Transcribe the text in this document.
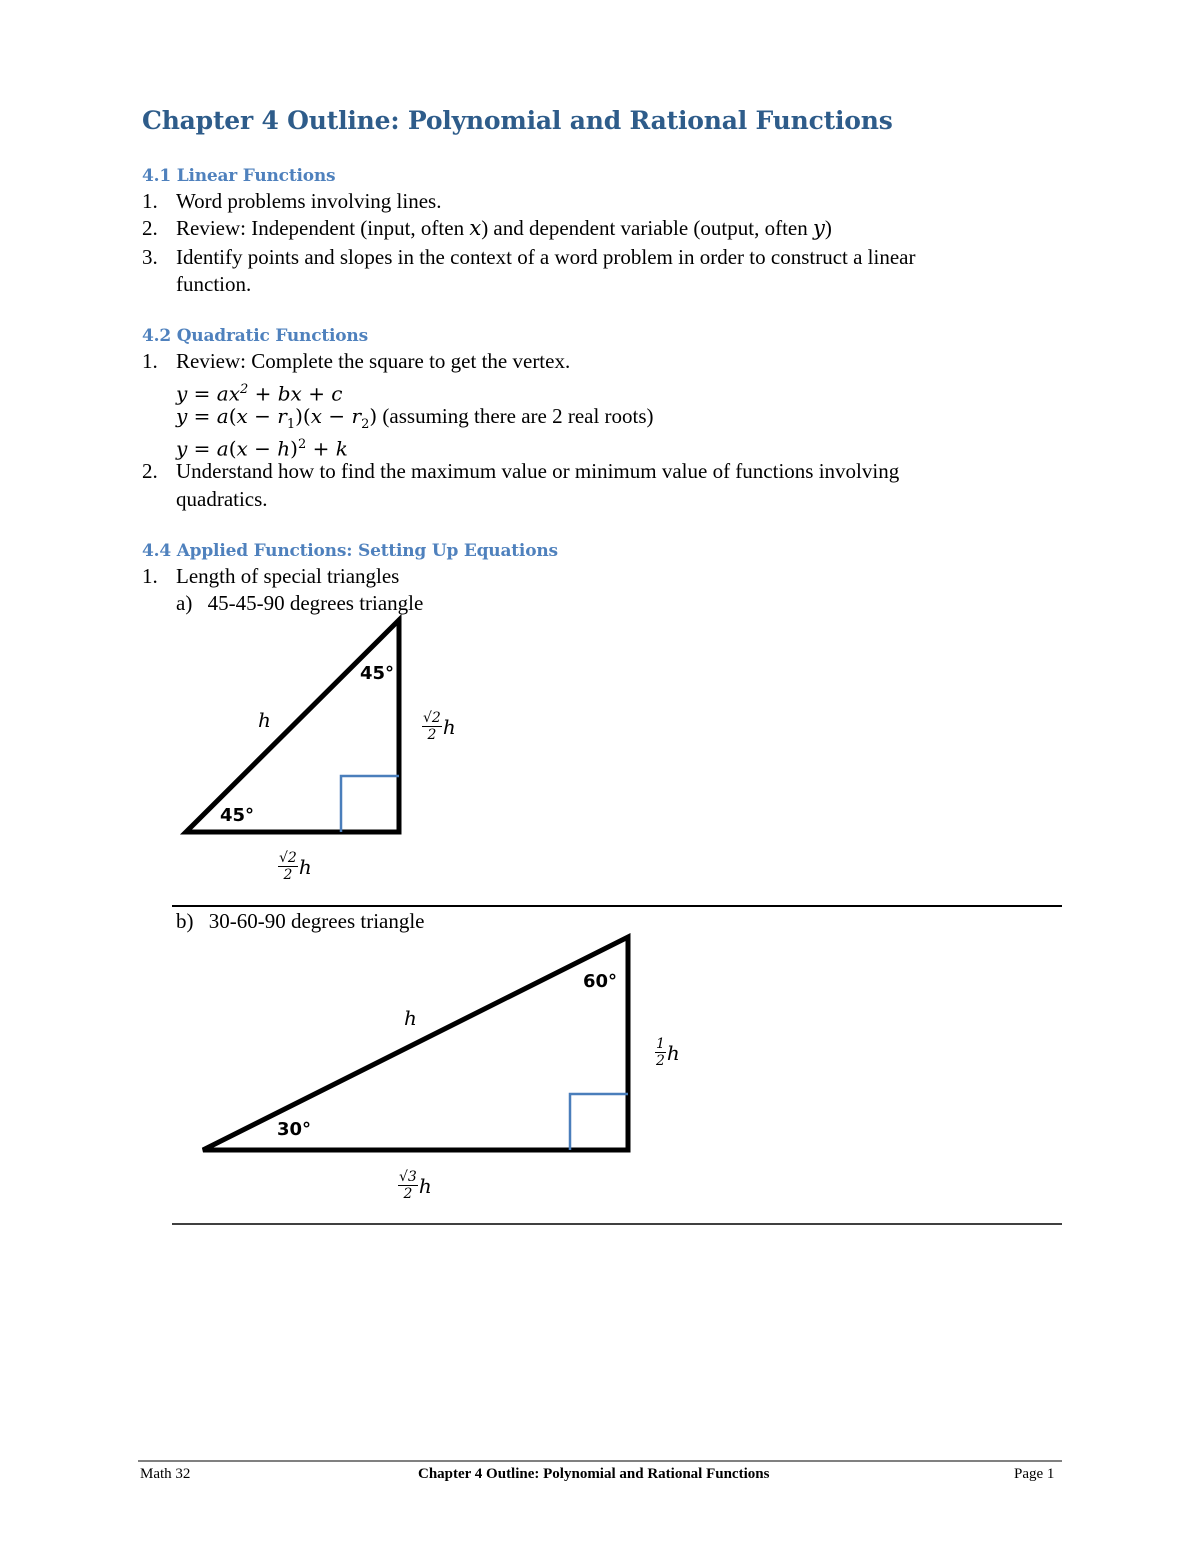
Chapter 4 Outline: Polynomial and Rational Functions
4.1 Linear Functions
1. Word problems involving lines.
2. Review: Independent (input, often x) and dependent variable (output, often y)
3. Identify points and slopes in the context of a word problem in order to construct a linear
function.
4.2 Quadratic Functions
1. Review: Complete the square to get the vertex.
$y = ax^2$ + bx + c
$y = a(x - r_1)(x - r_2)$ (assuming there are 2 real roots)
$y = a(x - h)^2 + k$
2. Understand how to find the maximum value or minimum value of functions involving
quadratics.
4.4 Applied Functions: Setting Up Equations
1. Length of special triangles
a) 45-45-90 degrees triangle
45°
45°
h	$\frac{√2}{2}$ h
$\frac{√2}{2}$ h
b) 30-60-90 degrees triangle
60°
30°
h
$\frac{1}{2}$ h
$\frac{√3}{2}$ h
Math 32	Chapter 4 Outline: Polynomial and Rational Functions	Page 1
